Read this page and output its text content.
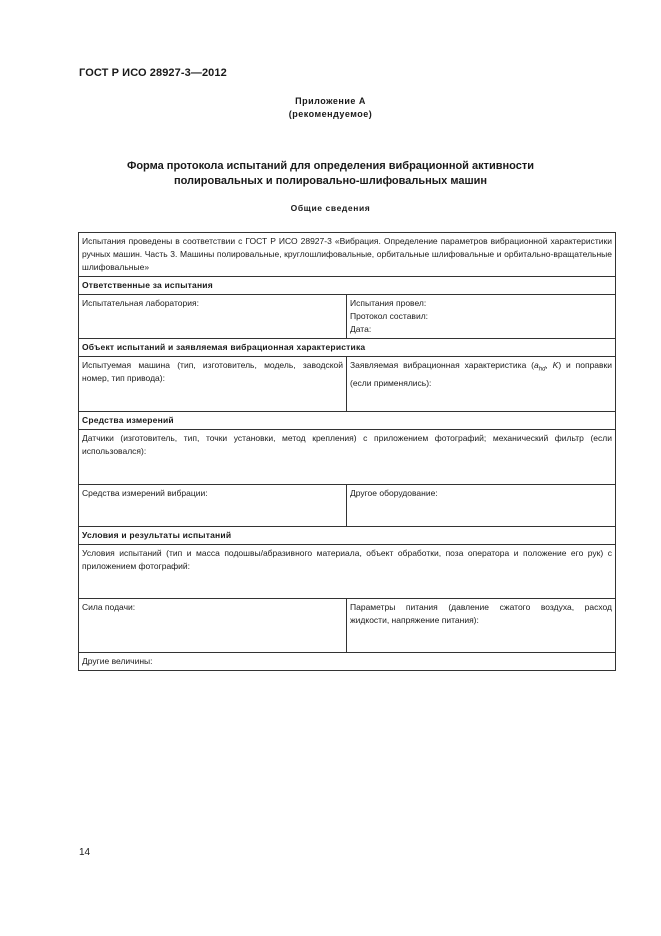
ГОСТ Р ИСО 28927-3—2012
Приложение А
(рекомендуемое)
Форма протокола испытаний для определения вибрационной активности
полировальных и полировально-шлифовальных машин
Общие сведения
Испытания проведены в соответствии с ГОСТ Р ИСО 28927-3 «Вибрация. Определение параметров вибрационной характеристики ручных машин. Часть 3. Машины полировальные, круглошлифовальные, орбитальные шлифовальные и орбитально-вращательные шлифовальные»	
Ответственные за испытания	
Испытательная лаборатория:	Испытания провел:
Протокол составил:
Дата:

Объект испытаний и заявляемая вибрационная характеристика	
Испытуемая машина (тип, изготовитель, модель, заводской номер, тип привода):	Заявляемая вибрационная характеристика ($a_{hd}$, K) и поправки (если применялись):
Средства измерений	
Датчики (изготовитель, тип, точки установки, метод крепления) с приложением фотографий; механический фильтр (если использовался):	
Средства измерений вибрации:	Другое оборудование:
Условия и результаты испытаний	
Условия испытаний (тип и масса подошвы/абразивного материала, объект обработки, поза оператора и положение его рук) с приложением фотографий:	
Сила подачи:	Параметры питания (давление сжатого воздуха, расход жидкости, напряжение питания):
Другие величины:	
14
